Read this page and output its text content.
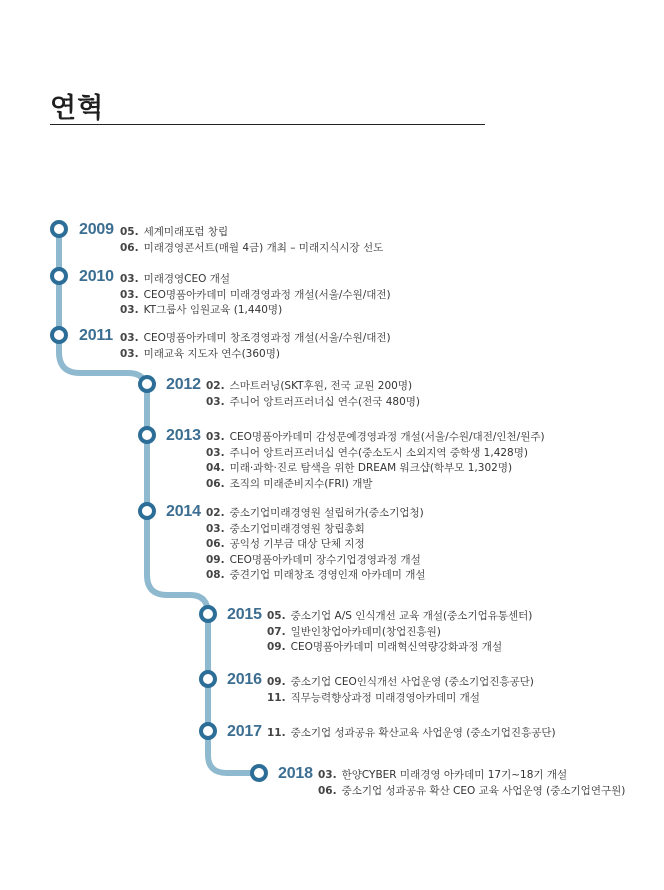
연혁
2009 05. 세계미래포럼 창립
06. 미래경영콘서트(매월 4금) 개최 – 미래지식시장 선도
2010 03. 미래경영CEO 개설
03. CEO명품아카데미 미래경영과정 개설(서울/수원/대전)
03. KT그룹사 임원교육 (1,440명)
2011 03. CEO명품아카데미 창조경영과정 개설(서울/수원/대전)
03. 미래교육 지도자 연수(360명)
2012 02. 스마트러닝(SKT후원, 전국 교원 200명)
03. 주니어 앙트러프러너십 연수(전국 480명)
2013 03. CEO명품아카데미 감성문예경영과정 개설(서울/수원/대전/인천/원주)
03. 주니어 앙트러프러너십 연수(중소도시 소외지역 중학생 1,428명)
04. 미래·과학·진로 탐색을 위한 DREAM 워크샵(학부모 1,302명)
06. 조직의 미래준비지수(FRI) 개발
2014 02. 중소기업미래경영원 설립허가(중소기업청)
03. 중소기업미래경영원 창립총회
06. 공익성 기부금 대상 단체 지정
09. CEO명품아카데미 장수기업경영과정 개설
08. 중견기업 미래창조 경영인재 아카데미 개설
2015 05. 중소기업 A/S 인식개선 교육 개설(중소기업유통센터)
07. 일반인창업아카데미(창업진흥원)
09. CEO명품아카데미 미래혁신역량강화과정 개설
2016 09. 중소기업 CEO인식개선 사업운영 (중소기업진흥공단)
11. 직무능력향상과정 미래경영아카데미 개설
2017 11. 중소기업 성과공유 확산교육 사업운영 (중소기업진흥공단)
2018 03. 한양CYBER 미래경영 아카데미 17기~18기 개설
06. 중소기업 성과공유 확산 CEO 교육 사업운영 (중소기업연구원)
